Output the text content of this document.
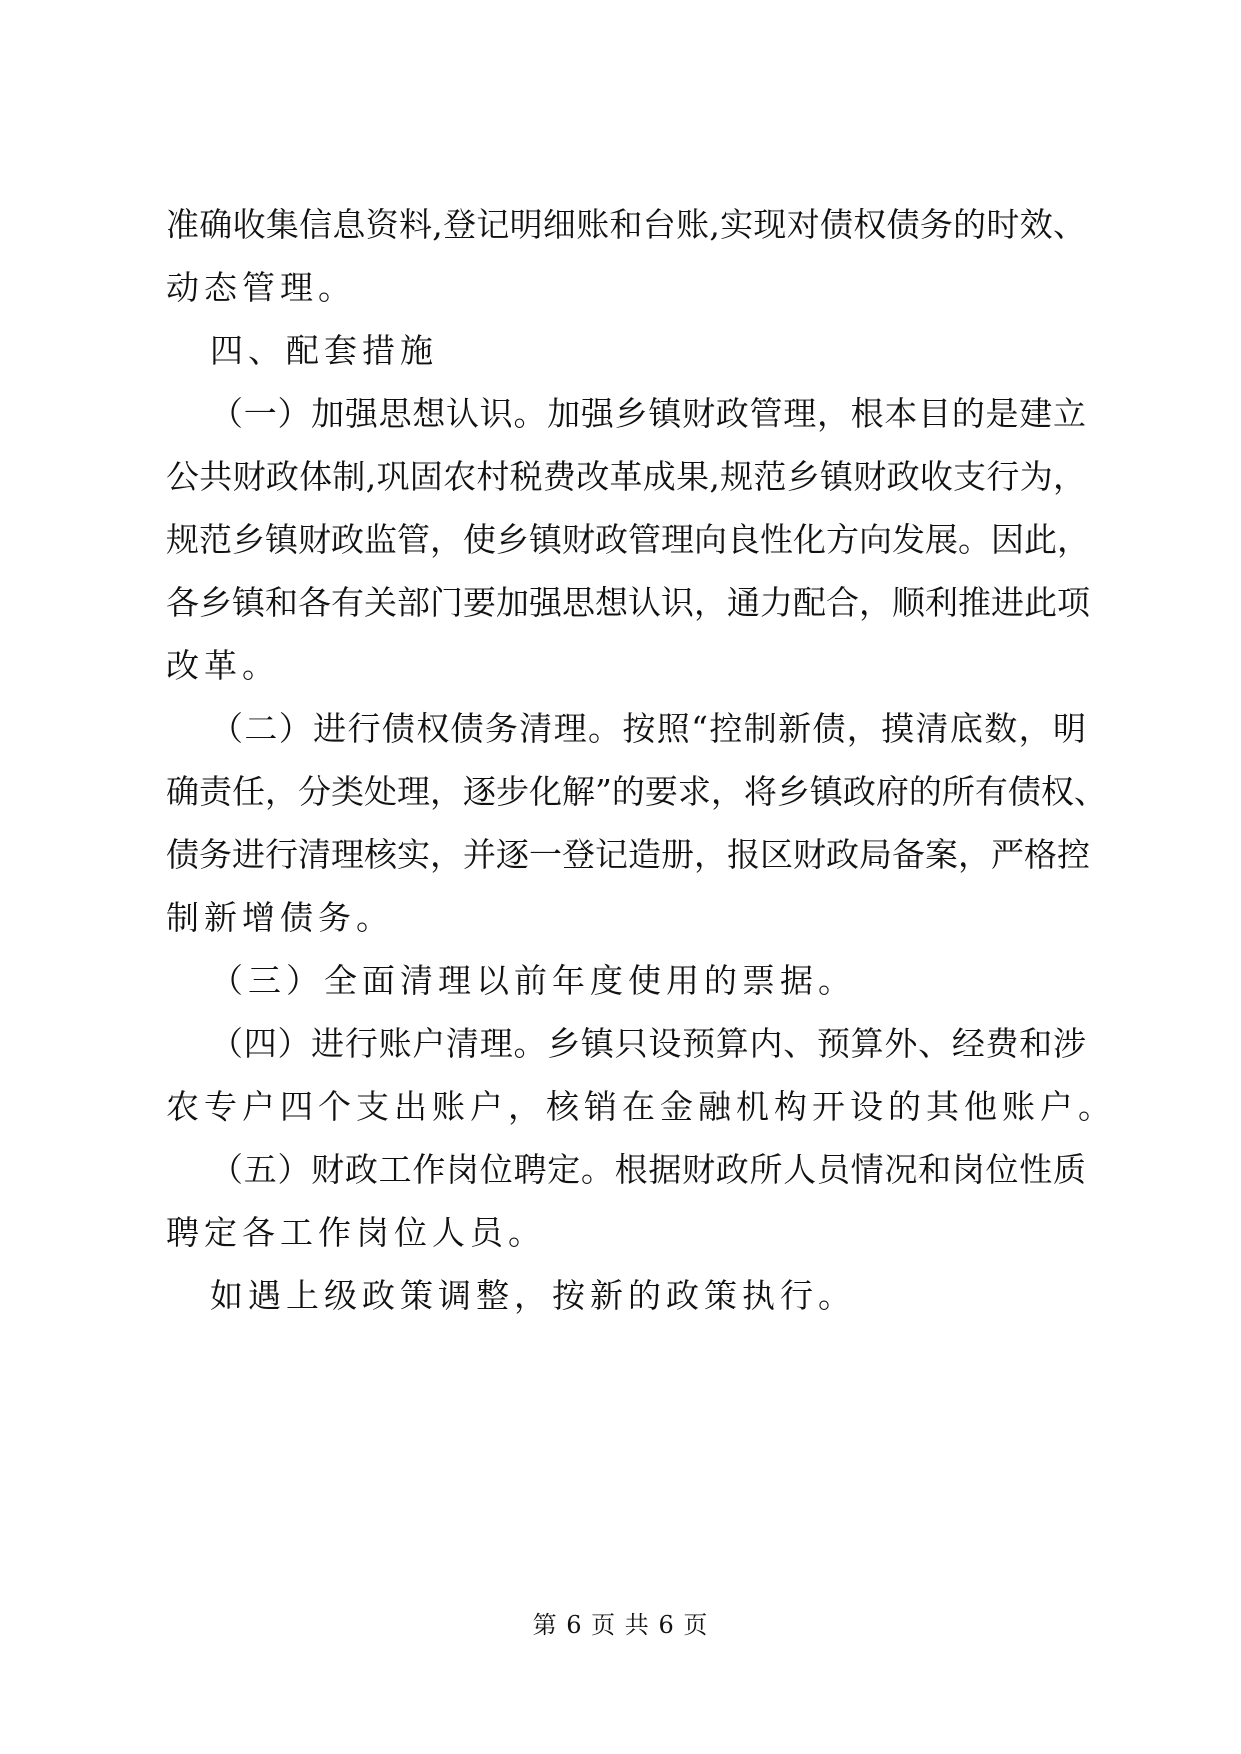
准确收集信息资料,登记明细账和台账,实现对债权债务的时效、
动态管理。
四、配套措施
（一）加强思想认识。加强乡镇财政管理，根本目的是建立
公共财政体制,巩固农村税费改革成果,规范乡镇财政收支行为，
规范乡镇财政监管，使乡镇财政管理向良性化方向发展。因此，
各乡镇和各有关部门要加强思想认识，通力配合，顺利推进此项
改革。
（二）进行债权债务清理。按照“控制新债，摸清底数，明
确责任，分类处理，逐步化解”的要求，将乡镇政府的所有债权、
债务进行清理核实，并逐一登记造册，报区财政局备案，严格控
制新增债务。
（三）全面清理以前年度使用的票据。
（四）进行账户清理。乡镇只设预算内、预算外、经费和涉
农专户四个支出账户，核销在金融机构开设的其他账户。
（五）财政工作岗位聘定。根据财政所人员情况和岗位性质
聘定各工作岗位人员。
如遇上级政策调整，按新的政策执行。
第 6 页 共 6 页
